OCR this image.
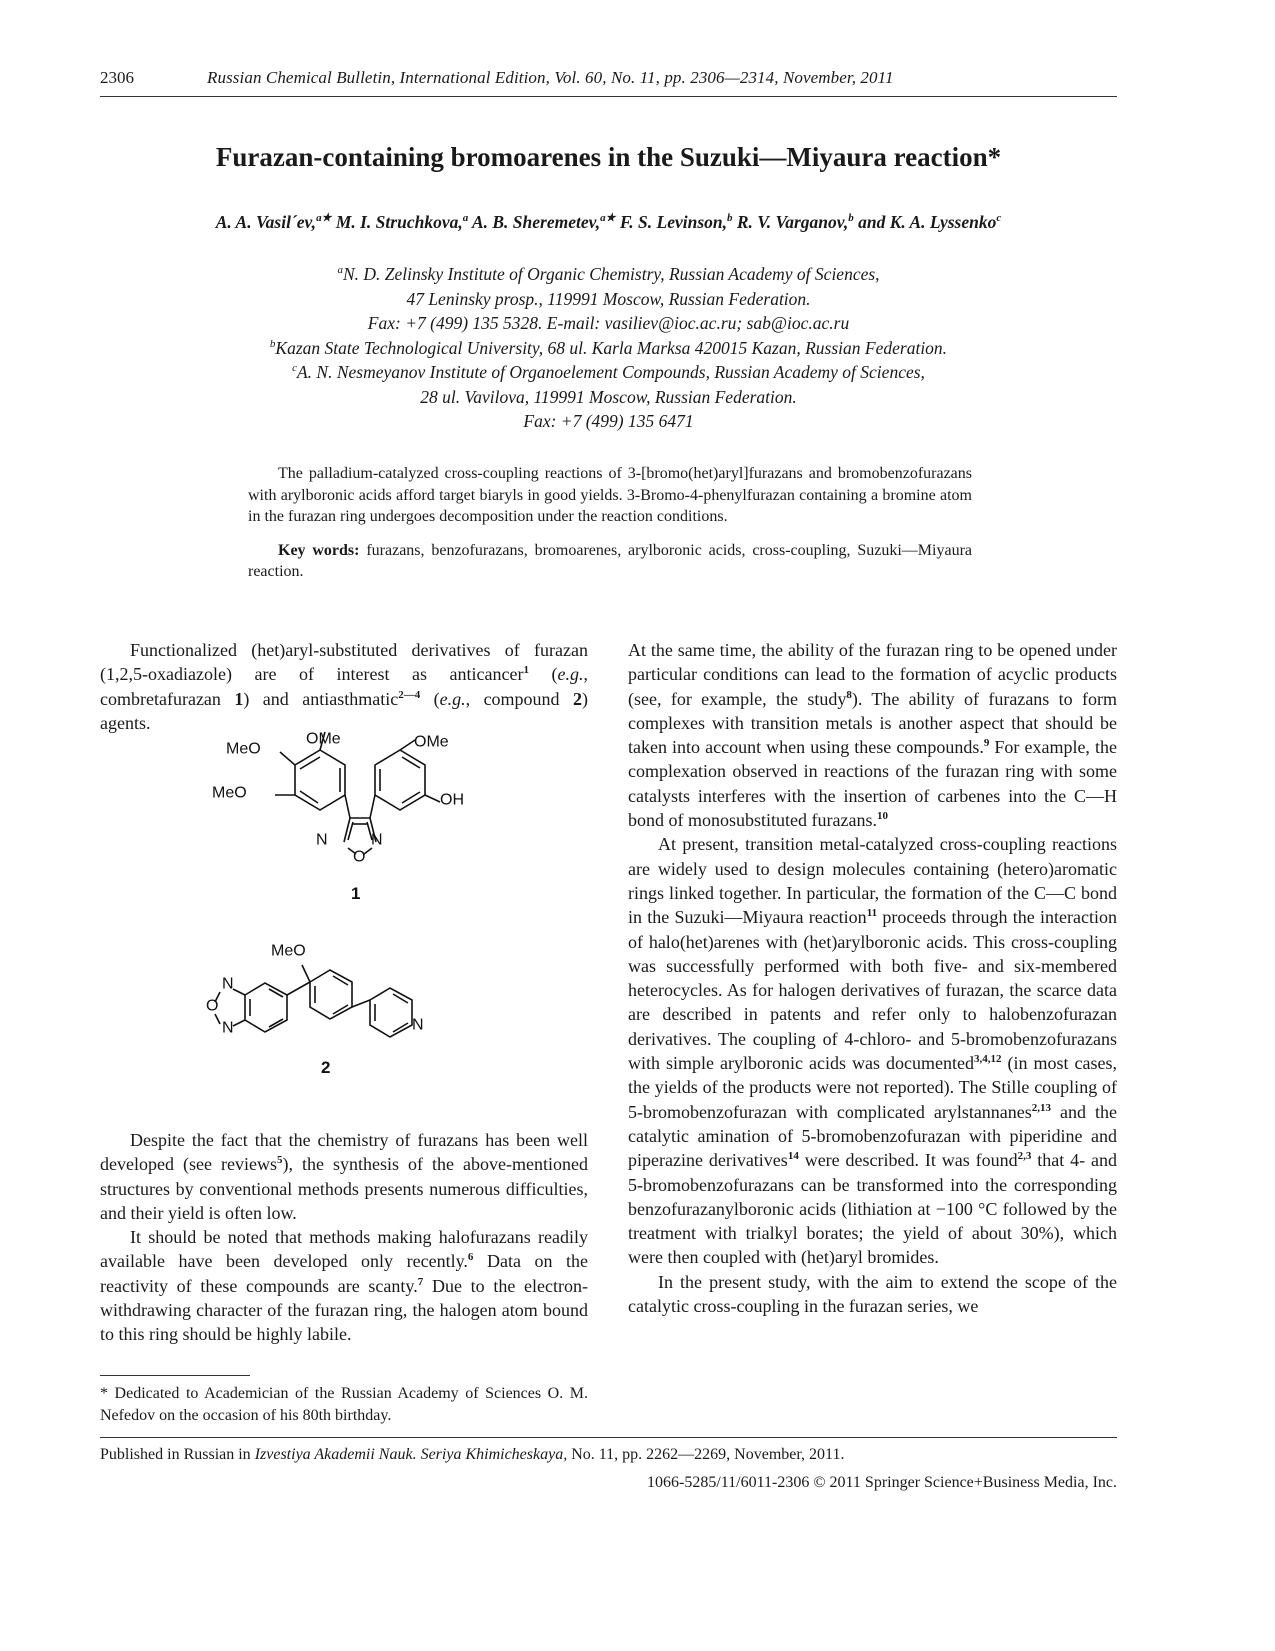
2306	Russian Chemical Bulletin, International Edition, Vol. 60, No. 11, pp. 2306—2314, November, 2011
Furazan-containing bromoarenes in the Suzuki—Miyaura reaction*
A. A. Vasil´ev,$^{a★}$ M. I. Struchkova,$^a$ A. B. Sheremetev,$^{a★}$ F. S. Levinson,$^b$ R. V. Varganov,$^b$ and K. A. Lyssenko$^c$

$^a$N. D. Zelinsky Institute of Organic Chemistry, Russian Academy of Sciences,

47 Leninsky prosp., 119991 Moscow, Russian Federation.

Fax: +7 (499) 135 5328. E-mail: vasiliev@ioc.ac.ru; sab@ioc.ac.ru

$^b$Kazan State Technological University, 68 ul. Karla Marksa 420015 Kazan, Russian Federation.

$^c$A. N. Nesmeyanov Institute of Organoelement Compounds, Russian Academy of Sciences,

28 ul. Vavilova, 119991 Moscow, Russian Federation.

Fax: +7 (499) 135 6471

The palladium-catalyzed cross-coupling reactions of 3-[bromo(het)aryl]furazans and bromobenzofurazans with arylboronic acids afford target biaryls in good yields. 3-Bromo-4-phenylfurazan containing a bromine atom in the furazan ring undergoes decomposition under the reaction conditions.

Key words: furazans, benzofurazans, bromoarenes, arylboronic acids, cross-coupling, Suzuki—Miyaura reaction.

Functionalized (het)aryl-substituted derivatives of furazan (1,2,5-oxadiazole) are of interest as anticancer$^1$ (e.g., combretafurazan 1) and antiasthmatic$^{2—4}$ (e.g., compound 2) agents.

OMe
MeO
MeO
OMe
OH
N	N
O
1
MeO
N
O
N	N
2

Despite the fact that the chemistry of furazans has been well developed (see reviews$^5$), the synthesis of the above-mentioned structures by conventional methods presents numerous difficulties, and their yield is often low.

It should be noted that methods making halofurazans readily available have been developed only recently.$^6$ Data on the reactivity of these compounds are scanty.$^7$ Due to the electron-withdrawing character of the furazan ring, the halogen atom bound to this ring should be highly labile.

At the same time, the ability of the furazan ring to be opened under particular conditions can lead to the formation of acyclic products (see, for example, the study$^8$). The ability of furazans to form complexes with transition metals is another aspect that should be taken into account when using these compounds.$^9$ For example, the complexation observed in reactions of the furazan ring with some catalysts interferes with the insertion of carbenes into the C—H bond of monosubstituted furazans.$^{10}$

At present, transition metal-catalyzed cross-coupling reactions are widely used to design molecules containing (hetero)aromatic rings linked together. In particular, the formation of the C—C bond in the Suzuki—Miyaura reaction$^{11}$ proceeds through the interaction of halo(het)arenes with (het)arylboronic acids. This cross-coupling was successfully performed with both five- and six-membered heterocycles. As for halogen derivatives of furazan, the scarce data are described in patents and refer only to halobenzofurazan derivatives. The coupling of 4-chloro- and 5-bromobenzofurazans with simple arylboronic acids was documented$^{3,4,12}$ (in most cases, the yields of the products were not reported). The Stille coupling of 5-bromobenzofurazan with complicated arylstannanes$^{2,13}$ and the catalytic amination of 5-bromobenzofurazan with piperidine and piperazine derivatives$^{14}$ were described. It was found$^{2,3}$ that 4- and 5-bromobenzofurazans can be transformed into the corresponding benzofurazanylboronic acids (lithiation at −100 °C followed by the treatment with trialkyl borates; the yield of about 30%), which were then coupled with (het)aryl bromides.

In the present study, with the aim to extend the scope of the catalytic cross-coupling in the furazan series, we

* Dedicated to Academician of the Russian Academy of Sciences O. M. Nefedov on the occasion of his 80th birthday.

Published in Russian in Izvestiya Akademii Nauk. Seriya Khimicheskaya, No. 11, pp. 2262—2269, November, 2011.
1066-5285/11/6011-2306 © 2011 Springer Science+Business Media, Inc.
